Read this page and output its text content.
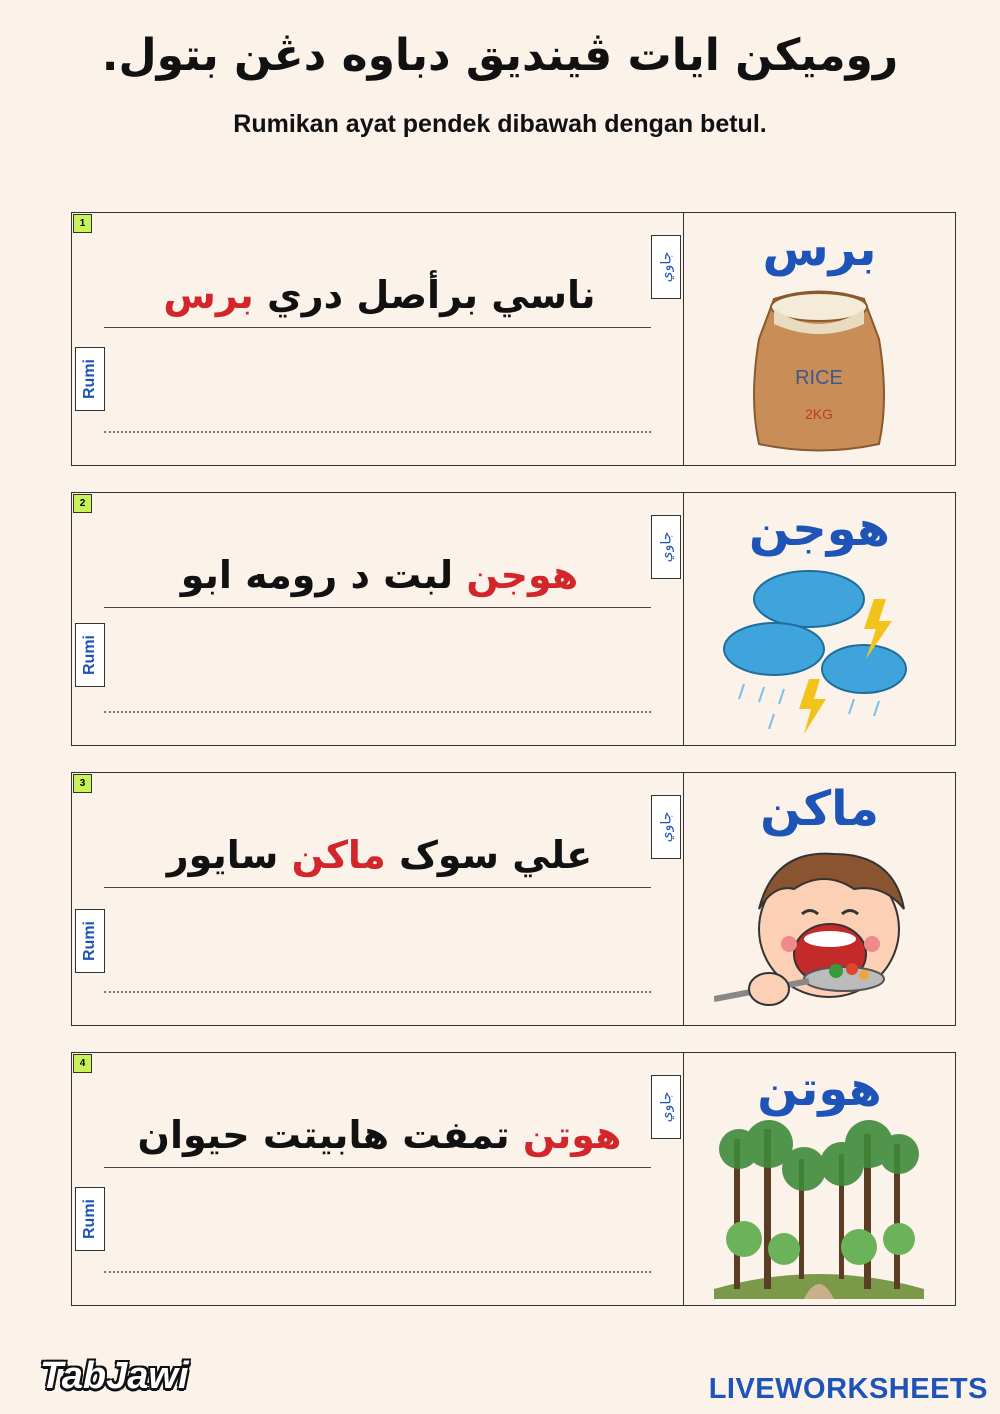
روميکن ايات ڤينديق دباوه دڠن بتول.
Rumikan ayat pendek dibawah dengan betul.
1
جاوي
ناسي برأصل دري برس
Rumi
برس
RICE
2KG
2
جاوي
هوجن لبت د رومه ابو
Rumi
هوجن
3
جاوي
علي سوک ماکن سايور
Rumi
ماکن
4
جاوي
هوتن تمفت هابيتت حيوان
Rumi
هوتن
TabJawi	LIVEWORKSHEETS
